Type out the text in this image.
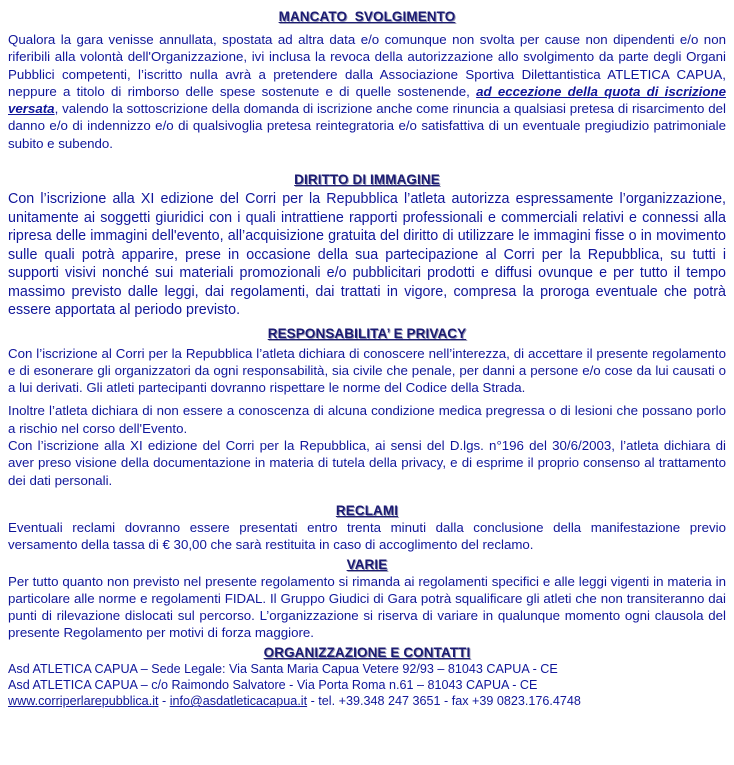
MANCATO  SVOLGIMENTO

Qualora la gara venisse annullata, spostata ad altra data e/o comunque non svolta per cause non dipendenti e/o non riferibili alla volontà dell'Organizzazione, ivi inclusa la revoca della autorizzazione allo svolgimento da parte degli Organi Pubblici competenti, l’iscritto nulla avrà a pretendere dalla Associazione Sportiva Dilettantistica ATLETICA CAPUA, neppure a titolo di rimborso delle spese sostenute e di quelle sostenende, ad eccezione della quota di iscrizione versata, valendo la sottoscrizione della domanda di iscrizione anche come rinuncia a qualsiasi pretesa di risarcimento del danno e/o di indennizzo e/o di qualsivoglia pretesa reintegratoria e/o satisfattiva di un eventuale pregiudizio patrimoniale subito e subendo.

DIRITTO DI IMMAGINE

Con l’iscrizione alla XI edizione del Corri per la Repubblica l’atleta autorizza espressamente l’organizzazione, unitamente ai soggetti giuridici con i quali intrattiene rapporti professionali e commerciali relativi e connessi alla ripresa delle immagini dell'evento, all’acquisizione gratuita del diritto di utilizzare le immagini fisse o in movimento sulle quali potrà apparire, prese in occasione della sua partecipazione al Corri per la Repubblica, su tutti i supporti visivi nonché sui materiali promozionali e/o pubblicitari prodotti e diffusi ovunque e per tutto il tempo massimo previsto dalle leggi, dai regolamenti, dai trattati in vigore, compresa la proroga eventuale che potrà essere apportata al periodo previsto.

RESPONSABILITA’ E PRIVACY

Con l’iscrizione al Corri per la Repubblica l’atleta dichiara di conoscere nell’interezza, di accettare il presente regolamento e di esonerare gli organizzatori da ogni responsabilità, sia civile che penale, per danni a persone e/o cose da lui causati o a lui derivati. Gli atleti partecipanti dovranno rispettare le norme del Codice della Strada.

Inoltre l’atleta dichiara di non essere a conoscenza di alcuna condizione medica pregressa o di lesioni che possano porlo a rischio nel corso dell'Evento.

Con l’iscrizione alla XI edizione del Corri per la Repubblica, ai sensi del D.lgs. n°196 del 30/6/2003, l’atleta dichiara di aver preso visione della documentazione in materia di tutela della privacy, e di esprime il proprio consenso al trattamento dei dati personali.

RECLAMI

Eventuali reclami dovranno essere presentati entro trenta minuti dalla conclusione della manifestazione previo versamento della tassa di € 30,00 che sarà restituita in caso di accoglimento del reclamo.

VARIE

Per tutto quanto non previsto nel presente regolamento si rimanda ai regolamenti specifici e alle leggi vigenti in materia in particolare alle norme e regolamenti FIDAL. Il Gruppo Giudici di Gara potrà squalificare gli atleti che non transiteranno dai punti di rilevazione dislocati sul percorso. L’organizzazione si riserva di variare in qualunque momento ogni clausola del presente Regolamento per motivi di forza maggiore.

ORGANIZZAZIONE E CONTATTI
Asd ATLETICA CAPUA – Sede Legale: Via Santa Maria Capua Vetere 92/93 – 81043 CAPUA - CE
Asd ATLETICA CAPUA – c/o Raimondo Salvatore - Via Porta Roma n.61 – 81043 CAPUA - CE
www.corriperlarepubblica.it - info@asdatleticacapua.it - tel. +39.348 247 3651 - fax +39 0823.176.4748
